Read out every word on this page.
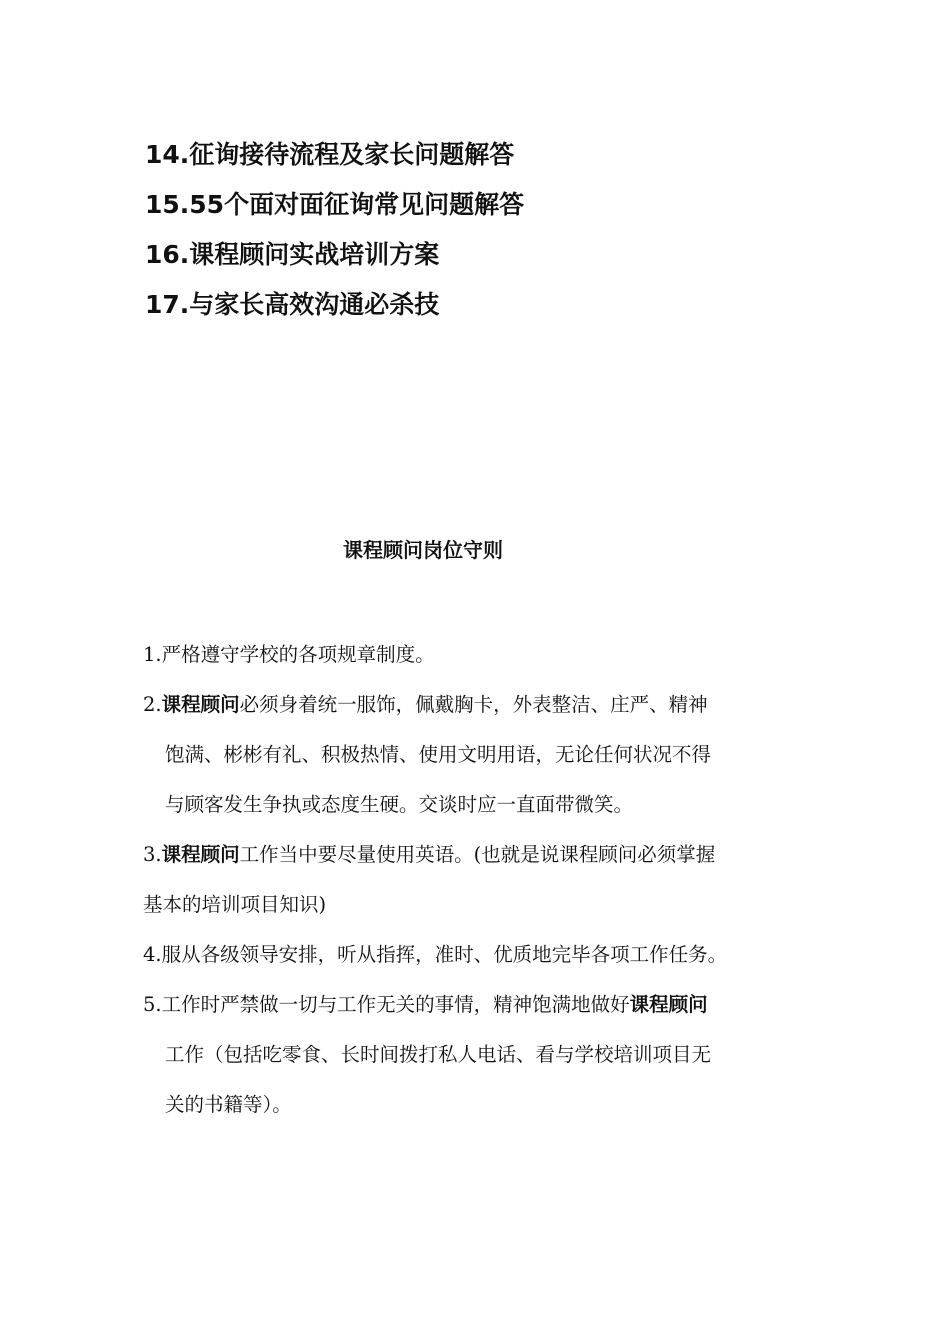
14.征询接待流程及家长问题解答
15.55个面对面征询常见问题解答
16.课程顾问实战培训方案
17.与家长高效沟通必杀技
课程顾问岗位守则
1.严格遵守学校的各项规章制度。
2.课程顾问必须身着统一服饰，佩戴胸卡，外表整洁、庄严、精神
饱满、彬彬有礼、积极热情、使用文明用语，无论任何状况不得
与顾客发生争执或态度生硬。交谈时应一直面带微笑。
3.课程顾问工作当中要尽量使用英语。(也就是说课程顾问必须掌握
基本的培训项目知识)
4.服从各级领导安排，听从指挥，准时、优质地完毕各项工作任务。
5.工作时严禁做一切与工作无关的事情，精神饱满地做好课程顾问
工作（包括吃零食、长时间拨打私人电话、看与学校培训项目无
关的书籍等）。
